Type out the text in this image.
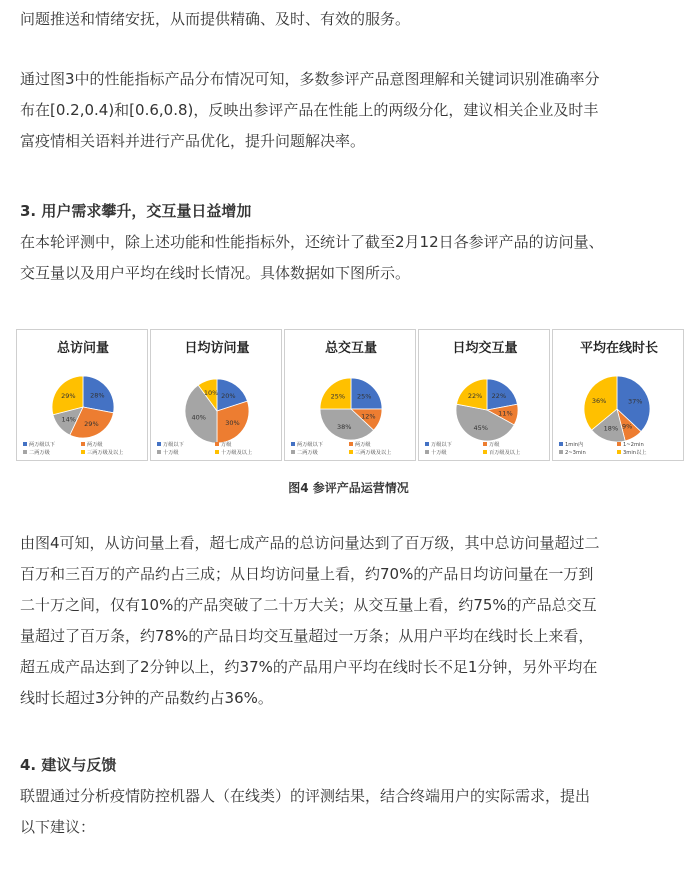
问题推送和情绪安抚，从而提供精确、及时、有效的服务。
通过图3中的性能指标产品分布情况可知，多数参评产品意图理解和关键词识别准确率分
布在[0.2,0.4)和[0.6,0.8)，反映出参评产品在性能上的两级分化，建议相关企业及时丰
富疫情相关语料并进行产品优化，提升问题解决率。
3. 用户需求攀升，交互量日益增加
在本轮评测中，除上述功能和性能指标外，还统计了截至2月12日各参评产品的访问量、
交互量以及用户平均在线时长情况。具体数据如下图所示。
总访问量
28%
29%
14%
29%
两万级以下	两万级
二两万级	三两万级及以上
日均访问量
20%
30%
40%
10%
万级以下	万级
十万级	十万级及以上
总交互量
25%
12%
38%
25%
两万级以下	两万级
二两万级	三两万级及以上
日均交互量
22%
11%
45%
22%
万级以下	万级
十万级	百万级及以上
平均在线时长
37%
9%
18%
36%
1min内	1~2min
2~3min	3min以上

图4 参评产品运营情况

由图4可知，从访问量上看，超七成产品的总访问量达到了百万级，其中总访问量超过二
百万和三百万的产品约占三成；从日均访问量上看，约70%的产品日均访问量在一万到
二十万之间，仅有10%的产品突破了二十万大关；从交互量上看，约75%的产品总交互
量超过了百万条，约78%的产品日均交互量超过一万条；从用户平均在线时长上来看，
超五成产品达到了2分钟以上，约37%的产品用户平均在线时长不足1分钟，另外平均在
线时长超过3分钟的产品数约占36%。
4. 建议与反馈
联盟通过分析疫情防控机器人（在线类）的评测结果，结合终端用户的实际需求，提出
以下建议：
